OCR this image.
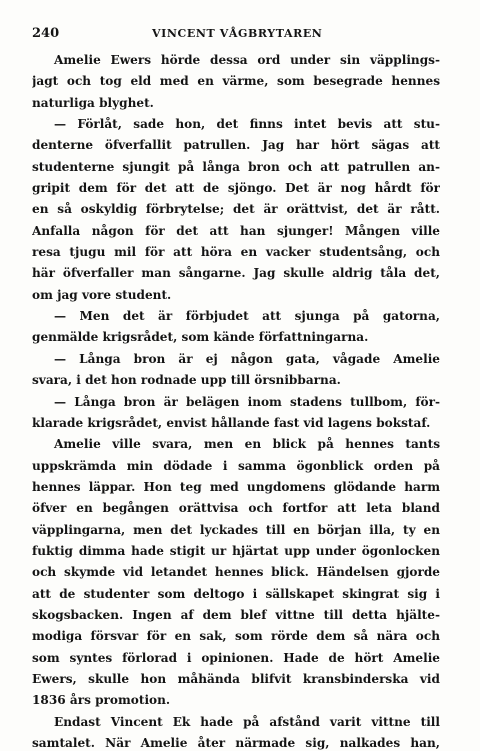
240	VINCENT VÅGBRYTAREN
Amelie Ewers hörde dessa ord under sin väpplings-
jagt och tog eld med en värme, som besegrade hennes
naturliga blyghet.
— Förlåt, sade hon, det finns intet bevis att stu-
denterne öfverfallit patrullen. Jag har hört sägas att
studenterne sjungit på långa bron och att patrullen an-
gripit dem för det att de sjöngo. Det är nog hårdt för
en så oskyldig förbrytelse; det är orättvist, det är rått.
Anfalla någon för det att han sjunger! Mången ville
resa tjugu mil för att höra en vacker studentsång, och
här öfverfaller man sångarne. Jag skulle aldrig tåla det,
om jag vore student.
— Men det är förbjudet att sjunga på gatorna,
genmälde krigsrådet, som kände författningarna.
— Långa bron är ej någon gata, vågade Amelie
svara, i det hon rodnade upp till örsnibbarna.
— Långa bron är belägen inom stadens tullbom, för-
klarade krigsrådet, envist hållande fast vid lagens bokstaf.
Amelie ville svara, men en blick på hennes tants
uppskrämda min dödade i samma ögonblick orden på
hennes läppar. Hon teg med ungdomens glödande harm
öfver en begången orättvisa och fortfor att leta bland
väpplingarna, men det lyckades till en början illa, ty en
fuktig dimma hade stigit ur hjärtat upp under ögonlocken
och skymde vid letandet hennes blick. Händelsen gjorde
att de studenter som deltogo i sällskapet skingrat sig i
skogsbacken. Ingen af dem blef vittne till detta hjälte-
modiga försvar för en sak, som rörde dem så nära och
som syntes förlorad i opinionen. Hade de hört Amelie
Ewers, skulle hon måhända blifvit kransbinderska vid
1836 års promotion.
Endast Vincent Ek hade på afstånd varit vittne till
samtalet. När Amelie åter närmade sig, nalkades han,
